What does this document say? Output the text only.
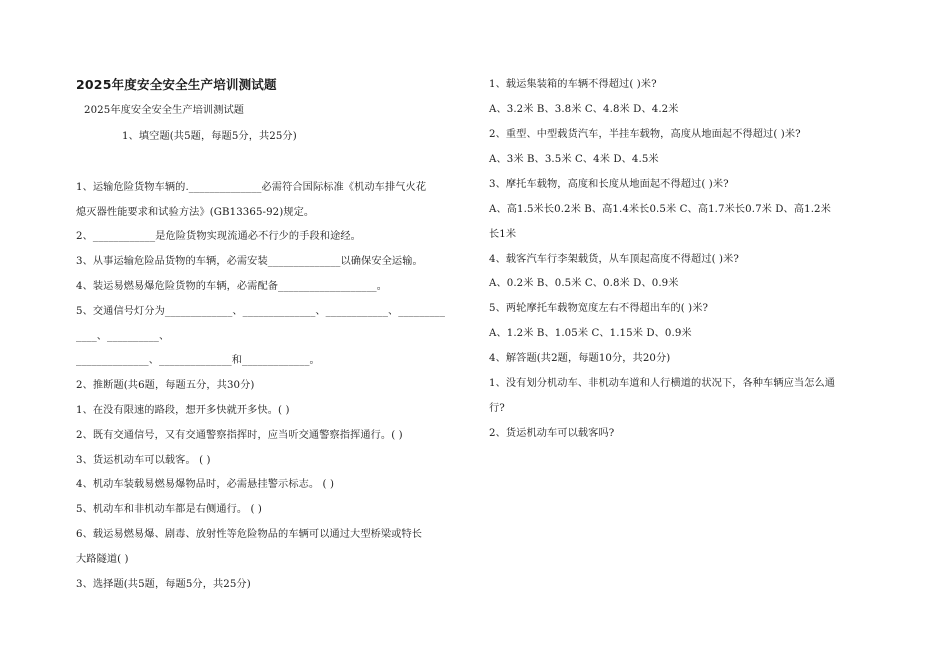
2025年度安全安全生产培训测试题
2025年度安全安全生产培训测试题
1、填空题(共5题，每题5分，共25分)
1、运输危险货物车辆的.______________必需符合国际标准《机动车排气火花
熄灭器性能要求和试验方法》(GB13365-92)规定。
2、____________是危险货物实现流通必不行少的手段和途经。
3、从事运输危险品货物的车辆，必需安装______________以确保安全运输。
4、装运易燃易爆危险货物的车辆，必需配备___________________。
5、交通信号灯分为_____________、______________、____________、_________
____、__________、
______________、______________和_____________。
2、推断题(共6题，每题五分，共30分)
1、在没有限速的路段，想开多快就开多快。( )
2、既有交通信号，又有交通警察指挥时，应当听交通警察指挥通行。( )
3、货运机动车可以载客。 ( )
4、机动车装载易燃易爆物品时，必需悬挂警示标志。 ( )
5、机动车和非机动车都是右侧通行。 ( )
6、载运易燃易爆、剧毒、放射性等危险物品的车辆可以通过大型桥梁或特长
大路隧道( )
3、选择题(共5题，每题5分，共25分)
1、载运集装箱的车辆不得超过( )米?
A、3.2米 B、3.8米 C、4.8米 D、4.2米
2、重型、中型载货汽车，半挂车载物，高度从地面起不得超过( )米?
A、3米 B、3.5米 C、4米 D、4.5米
3、摩托车载物，高度和长度从地面起不得超过( )米?
A、高1.5米长0.2米 B、高1.4米长0.5米 C、高1.7米长0.7米 D、高1.2米
长1米
4、载客汽车行李架载货，从车顶起高度不得超过( )米?
A、0.2米 B、0.5米 C、0.8米 D、0.9米
5、两轮摩托车载物宽度左右不得超出车的( )米?
A、1.2米 B、1.05米 C、1.15米 D、0.9米
4、解答题(共2题，每题10分，共20分)
1、没有划分机动车、非机动车道和人行横道的状况下，各种车辆应当怎么通
行?
2、货运机动车可以载客吗?
